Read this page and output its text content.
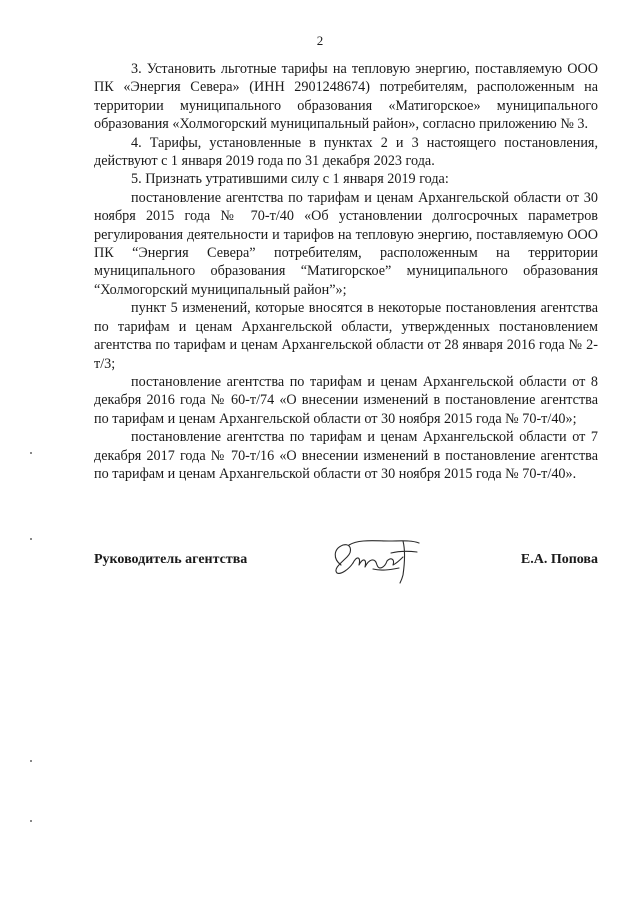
2

3. Установить льготные тарифы на тепловую энергию, поставляемую ООО ПК «Энергия Севера» (ИНН 2901248674) потребителям, расположенным на территории муниципального образования «Матигорское» муниципального образования «Холмогорский муниципальный район», согласно приложению № 3.

4. Тарифы, установленные в пунктах 2 и 3 настоящего постановления, действуют с 1 января 2019 года по 31 декабря 2023 года.

5. Признать утратившими силу с 1 января 2019 года:

постановление агентства по тарифам и ценам Архангельской области от 30 ноября 2015 года № 70-т/40 «Об установлении долгосрочных параметров регулирования деятельности и тарифов на тепловую энергию, поставляемую ООО ПК “Энергия Севера” потребителям, расположенным на территории муниципального образования “Матигорское” муниципального образования “Холмогорский муниципальный район”»;

пункт 5 изменений, которые вносятся в некоторые постановления агентства по тарифам и ценам Архангельской области, утвержденных постановлением агентства по тарифам и ценам Архангельской области от 28 января 2016 года № 2-т/3;

постановление агентства по тарифам и ценам Архангельской области от 8 декабря 2016 года № 60-т/74 «О внесении изменений в постановление агентства по тарифам и ценам Архангельской области от 30 ноября 2015 года № 70-т/40»;

постановление агентства по тарифам и ценам Архангельской области от 7 декабря 2017 года № 70-т/16 «О внесении изменений в постановление агентства по тарифам и ценам Архангельской области от 30 ноября 2015 года № 70-т/40».

Руководитель агентства	Е.А. Попова
